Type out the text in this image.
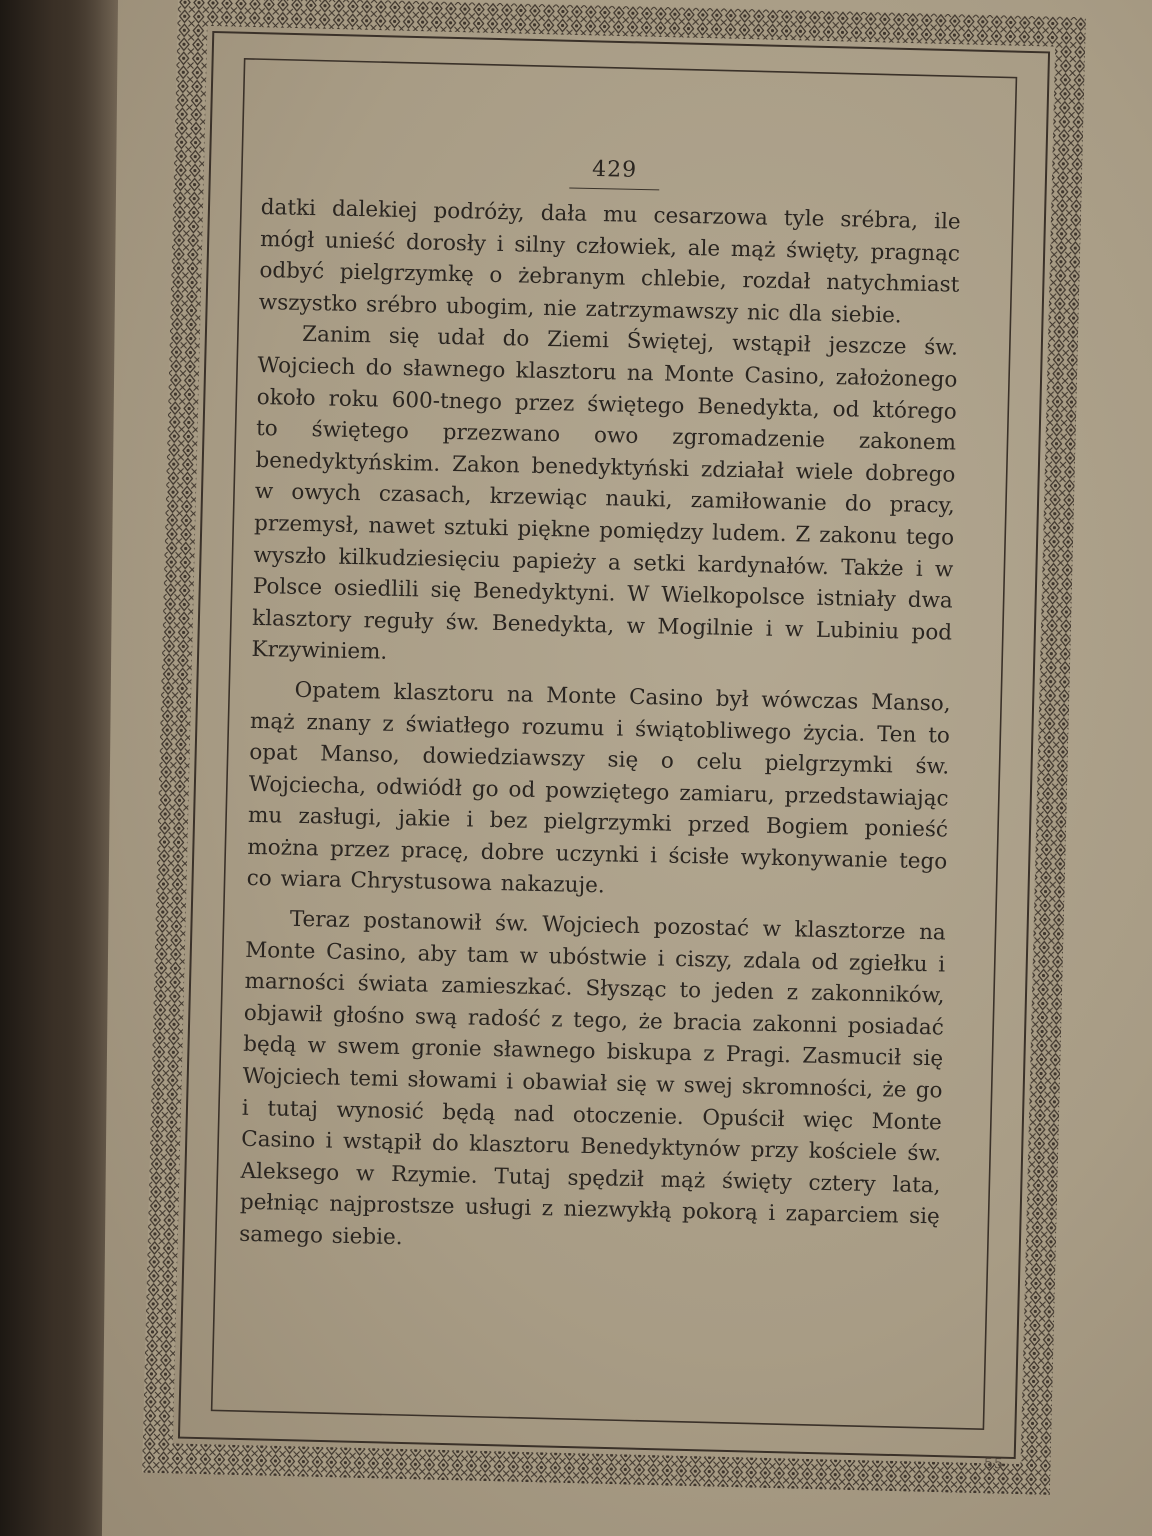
429

datki dalekiej podróży, dała mu cesarzowa tyle srébra, ile mógł unieść dorosły i silny człowiek, ale mąż święty, pragnąc odbyć pielgrzymkę o żebranym chlebie, rozdał natychmiast wszystko srébro ubogim, nie zatrzymawszy nic dla siebie.

Zanim się udał do Ziemi Świętej, wstąpił jeszcze św. Wojciech do sławnego klasztoru na Monte Casino, założonego około roku 600-tnego przez świętego Benedykta, od którego to świętego przezwano owo zgromadzenie zakonem benedyktyńskim. Zakon benedyktyński zdziałał wiele dobrego w owych czasach, krzewiąc nauki, zamiłowanie do pracy, przemysł, nawet sztuki piękne pomiędzy ludem. Z zakonu tego wyszło kilkudziesięciu papieży a setki kardynałów. Także i w Polsce osiedlili się Benedyktyni. W Wielkopolsce istniały dwa klasztory reguły św. Benedykta, w Mogilnie i w Lubiniu pod Krzywiniem.

Opatem klasztoru na Monte Casino był wówczas Manso, mąż znany z światłego rozumu i świątobliwego życia. Ten to opat Manso, dowiedziawszy się o celu pielgrzymki św. Wojciecha, odwiódł go od powziętego zamiaru, przedstawiając mu zasługi, jakie i bez pielgrzymki przed Bogiem ponieść można przez pracę, dobre uczynki i ścisłe wykonywanie tego co wiara Chrystusowa nakazuje.

Teraz postanowił św. Wojciech pozostać w klasztorze na Monte Casino, aby tam w ubóstwie i ciszy, zdala od zgiełku i marności świata zamieszkać. Słysząc to jeden z zakonników, objawił głośno swą radość z tego, że bracia zakonni posiadać będą w swem gronie sławnego biskupa z Pragi. Zasmucił się Wojciech temi słowami i obawiał się w swej skromności, że go i tutaj wynosić będą nad otoczenie. Opuścił więc Monte Casino i wstąpił do klasztoru Benedyktynów przy kościele św. Aleksego w Rzymie. Tutaj spędził mąż święty cztery lata, pełniąc najprostsze usługi z niezwykłą pokorą i zaparciem się samego siebie.

55
